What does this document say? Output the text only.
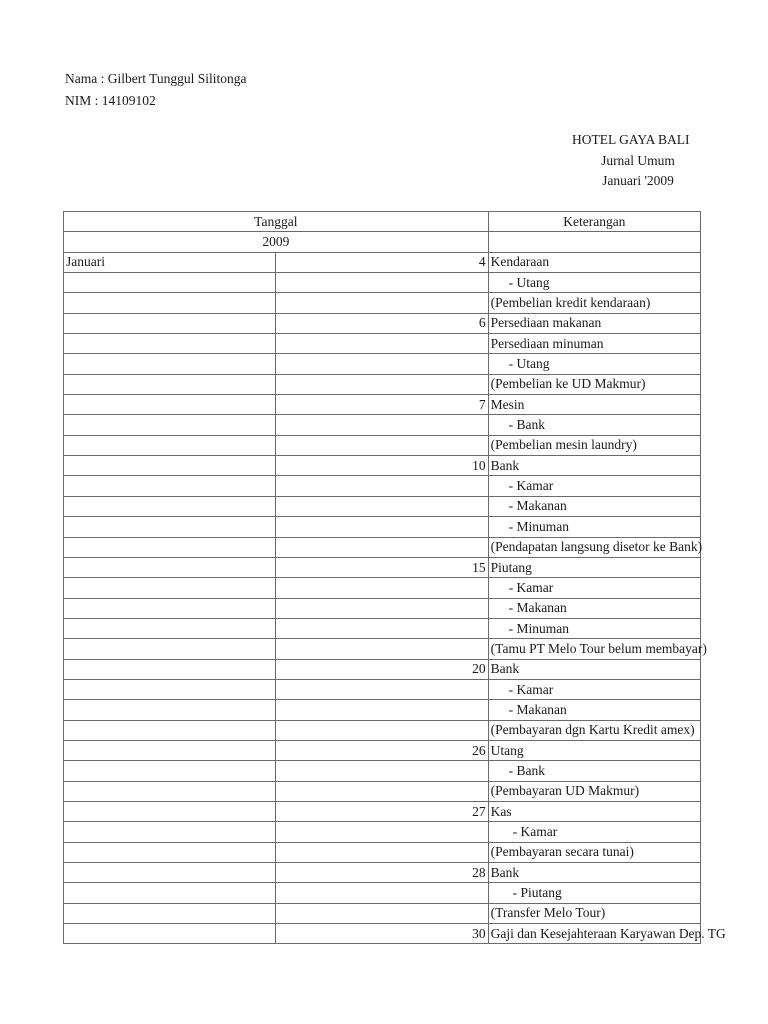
Nama : Gilbert Tunggul Silitonga
NIM : 14109102
HOTEL GAYA BALI
Jurnal Umum
Januari '2009
Tanggal		Keterangan
2009		
Januari	4	Kendaraan
		- Utang
		(Pembelian kredit kendaraan)
	6	Persediaan makanan
		Persediaan minuman
		- Utang
		(Pembelian ke UD Makmur)
	7	Mesin
		- Bank
		(Pembelian mesin laundry)
	10	Bank
		- Kamar
		- Makanan
		- Minuman
		(Pendapatan langsung disetor ke Bank)
	15	Piutang
		- Kamar
		- Makanan
		- Minuman
		(Tamu PT Melo Tour belum membayar)
	20	Bank
		- Kamar
		- Makanan
		(Pembayaran dgn Kartu Kredit amex)
	26	Utang
		- Bank
		(Pembayaran UD Makmur)
	27	Kas
		- Kamar
		(Pembayaran secara tunai)
	28	Bank
		- Piutang
		(Transfer Melo Tour)
	30	Gaji dan Kesejahteraan Karyawan Dep. TG
